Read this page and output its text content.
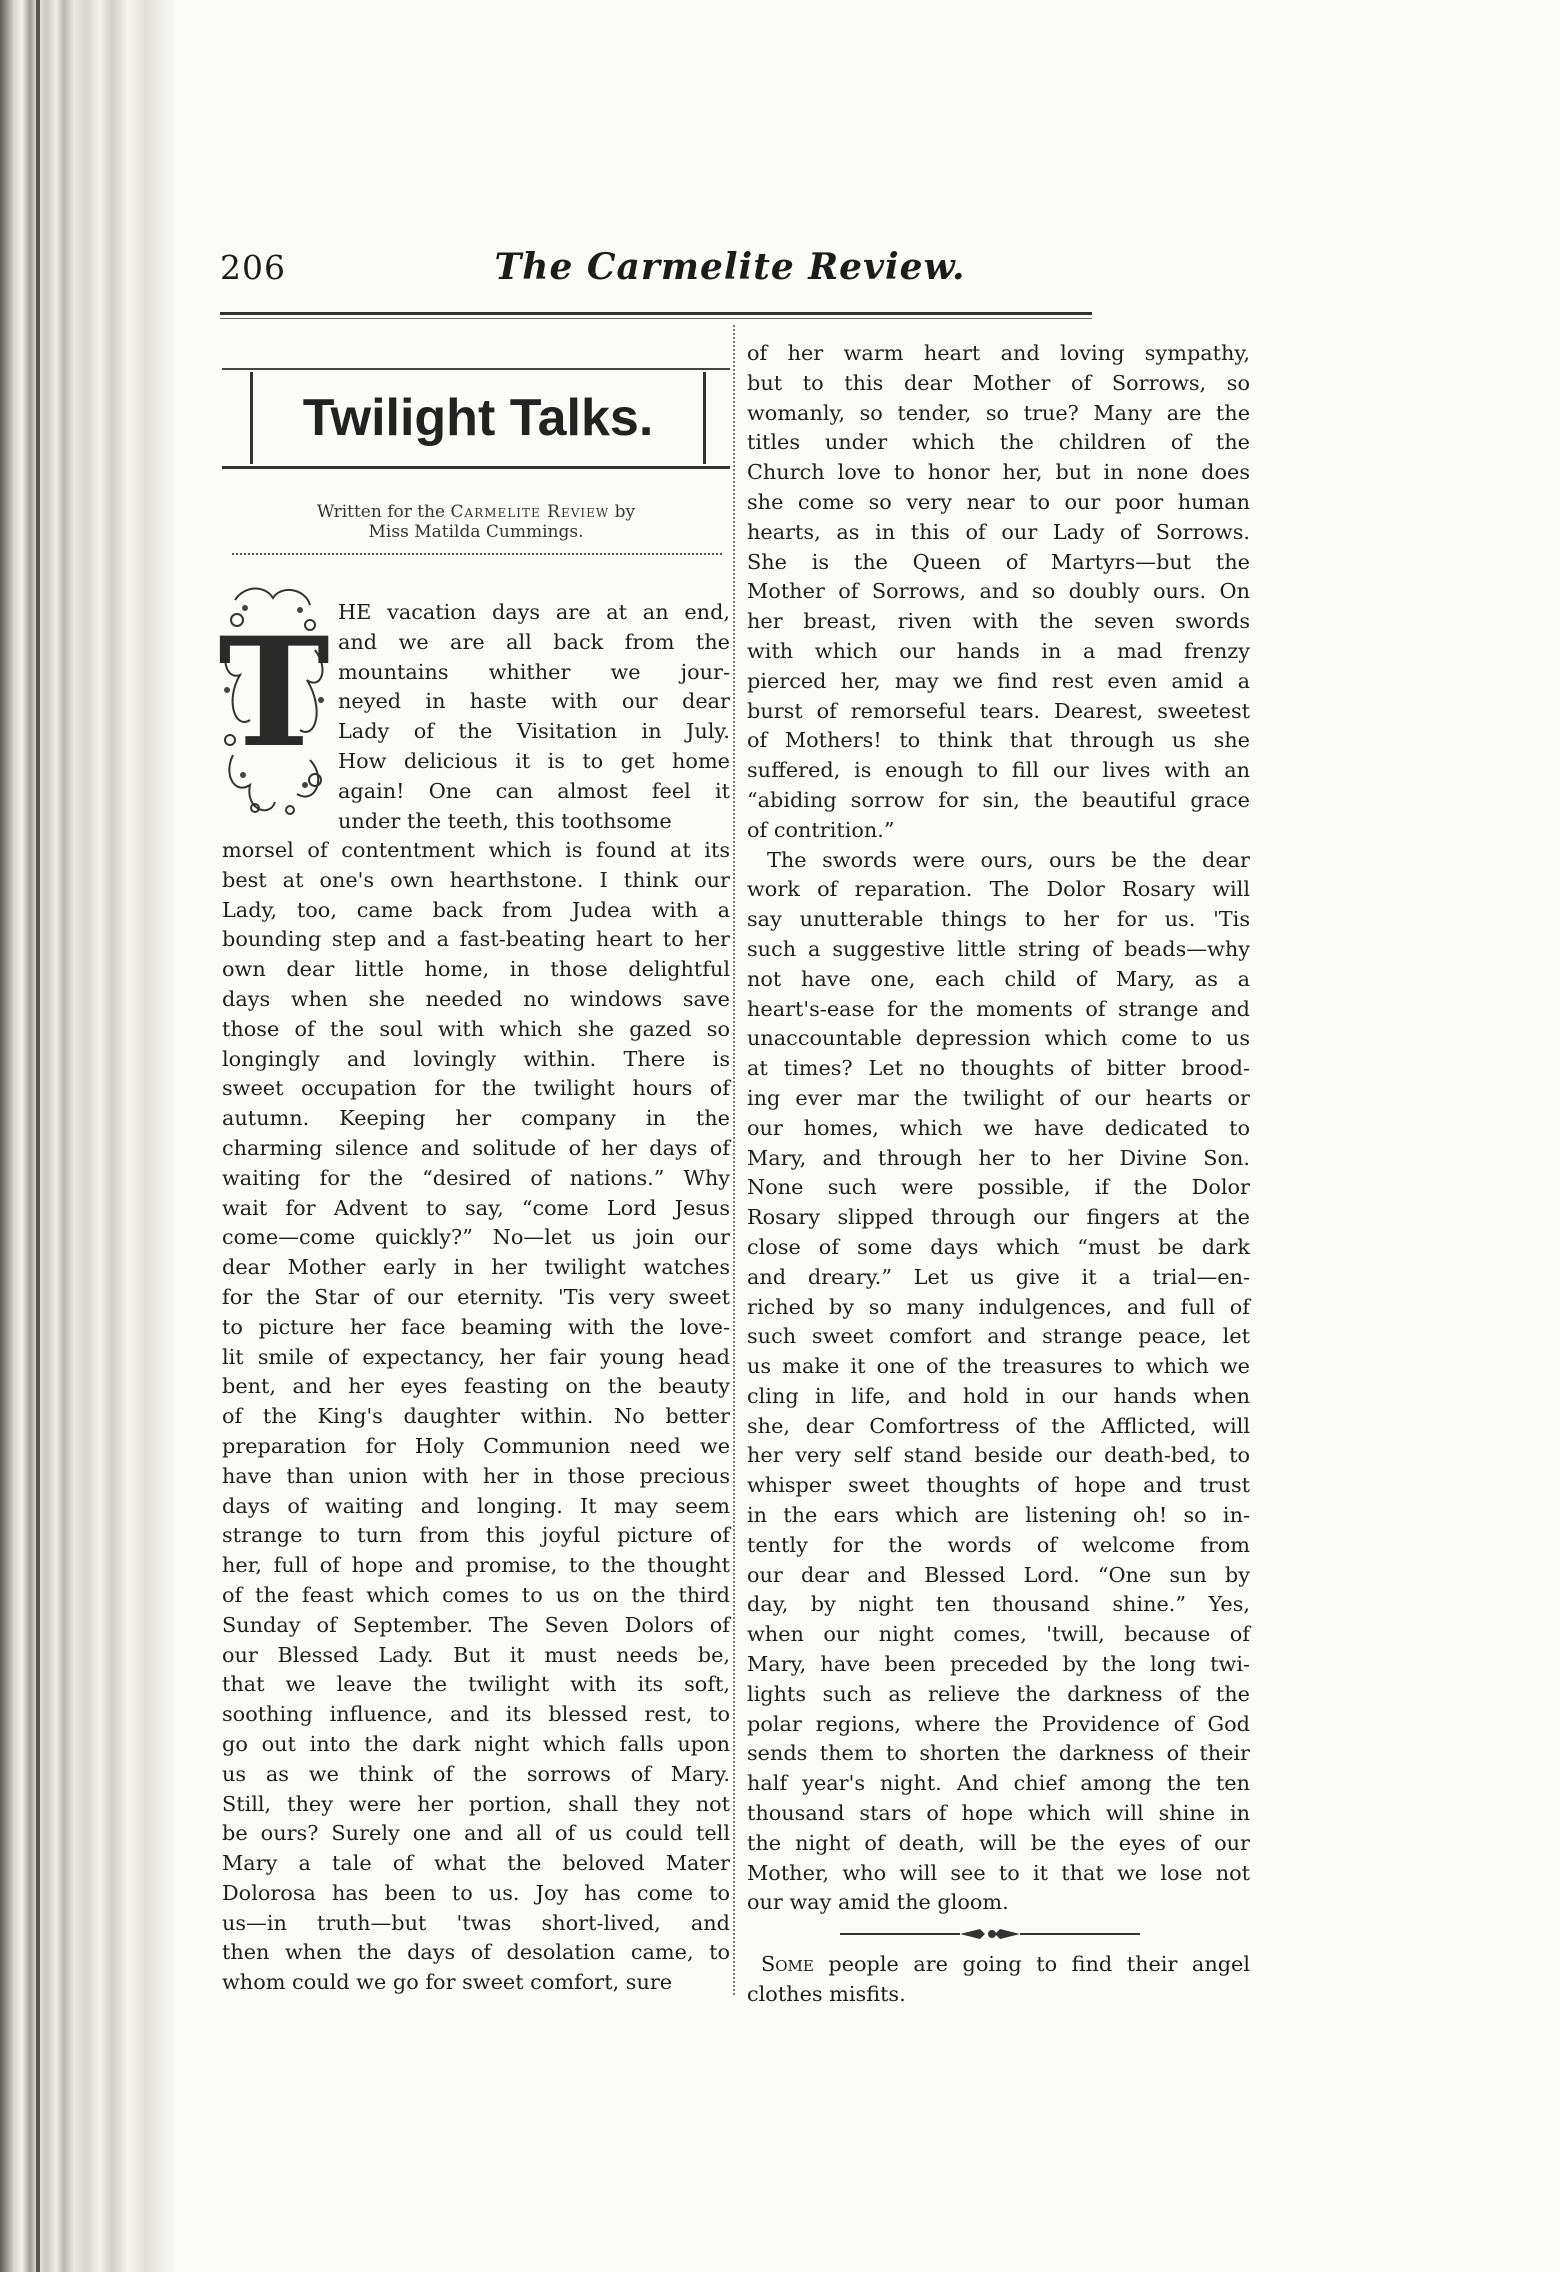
206	The Carmelite Review.
Twilight Talks.
Written for the Carmelite Review by
Miss Matilda Cummings.
T HE vacation days are at an end,
and we are all back from the
mountains whither we jour-
neyed in haste with our dear
Lady of the Visitation in July.
How delicious it is to get home
again! One can almost feel it
under the teeth, this toothsome
morsel of contentment which is found at its
best at one's own hearthstone. I think our
Lady, too, came back from Judea with a
bounding step and a fast-beating heart to her
own dear little home, in those delightful
days when she needed no windows save
those of the soul with which she gazed so
longingly and lovingly within. There is
sweet occupation for the twilight hours of
autumn. Keeping her company in the
charming silence and solitude of her days of
waiting for the “desired of nations.” Why
wait for Advent to say, “come Lord Jesus
come—come quickly?” No—let us join our
dear Mother early in her twilight watches
for the Star of our eternity. 'Tis very sweet
to picture her face beaming with the love-
lit smile of expectancy, her fair young head
bent, and her eyes feasting on the beauty
of the King's daughter within. No better
preparation for Holy Communion need we
have than union with her in those precious
days of waiting and longing. It may seem
strange to turn from this joyful picture of
her, full of hope and promise, to the thought
of the feast which comes to us on the third
Sunday of September. The Seven Dolors of
our Blessed Lady. But it must needs be,
that we leave the twilight with its soft,
soothing influence, and its blessed rest, to
go out into the dark night which falls upon
us as we think of the sorrows of Mary.
Still, they were her portion, shall they not
be ours? Surely one and all of us could tell
Mary a tale of what the beloved Mater
Dolorosa has been to us. Joy has come to
us—in truth—but 'twas short-lived, and
then when the days of desolation came, to
whom could we go for sweet comfort, sure
of her warm heart and loving sympathy,
but to this dear Mother of Sorrows, so
womanly, so tender, so true? Many are the
titles under which the children of the
Church love to honor her, but in none does
she come so very near to our poor human
hearts, as in this of our Lady of Sorrows.
She is the Queen of Martyrs—but the
Mother of Sorrows, and so doubly ours. On
her breast, riven with the seven swords
with which our hands in a mad frenzy
pierced her, may we find rest even amid a
burst of remorseful tears. Dearest, sweetest
of Mothers! to think that through us she
suffered, is enough to fill our lives with an
“abiding sorrow for sin, the beautiful grace
of contrition.”
The swords were ours, ours be the dear
work of reparation. The Dolor Rosary will
say unutterable things to her for us. 'Tis
such a suggestive little string of beads—why
not have one, each child of Mary, as a
heart's-ease for the moments of strange and
unaccountable depression which come to us
at times? Let no thoughts of bitter brood-
ing ever mar the twilight of our hearts or
our homes, which we have dedicated to
Mary, and through her to her Divine Son.
None such were possible, if the Dolor
Rosary slipped through our fingers at the
close of some days which “must be dark
and dreary.” Let us give it a trial—en-
riched by so many indulgences, and full of
such sweet comfort and strange peace, let
us make it one of the treasures to which we
cling in life, and hold in our hands when
she, dear Comfortress of the Afflicted, will
her very self stand beside our death-bed, to
whisper sweet thoughts of hope and trust
in the ears which are listening oh! so in-
tently for the words of welcome from
our dear and Blessed Lord. “One sun by
day, by night ten thousand shine.” Yes,
when our night comes, 'twill, because of
Mary, have been preceded by the long twi-
lights such as relieve the darkness of the
polar regions, where the Providence of God
sends them to shorten the darkness of their
half year's night. And chief among the ten
thousand stars of hope which will shine in
the night of death, will be the eyes of our
Mother, who will see to it that we lose not
our way amid the gloom.
Some people are going to find their angel
clothes misfits.
